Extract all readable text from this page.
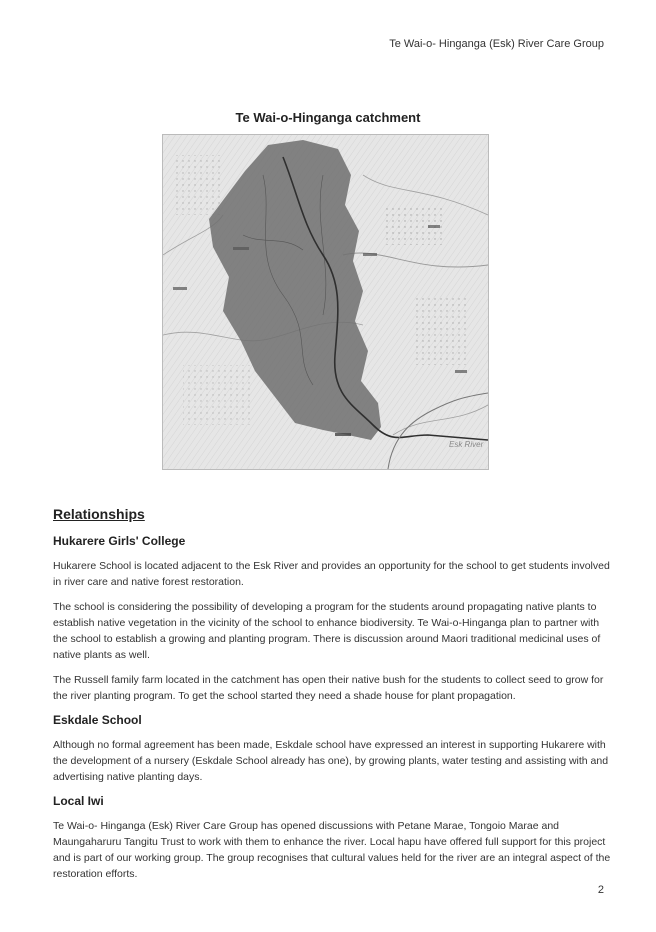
Te Wai-o- Hinganga (Esk) River Care Group
Te Wai-o-Hinganga catchment
Esk River
Relationships
Hukarere Girls' College

Hukarere School is located adjacent to the Esk River and provides an opportunity for the school to get students involved in river care and native forest restoration.

The school is considering the possibility of developing a program for the students around propagating native plants to establish native vegetation in the vicinity of the school to enhance biodiversity. Te Wai-o-Hinganga plan to partner with the school to establish a growing and planting program. There is discussion around Maori traditional medicinal uses of native plants as well.

The Russell family farm located in the catchment has open their native bush for the students to collect seed to grow for the river planting program. To get the school started they need a shade house for plant propagation.

Eskdale School

Although no formal agreement has been made, Eskdale school have expressed an interest in supporting Hukarere with the development of a nursery (Eskdale School already has one), by growing plants, water testing and assisting with and advertising native planting days.

Local Iwi

Te Wai-o- Hinganga (Esk) River Care Group has opened discussions with Petane Marae, Tongoio Marae and Maungaharuru Tangitu Trust to work with them to enhance the river. Local hapu have offered full support for this project and is part of our working group. The group recognises that cultural values held for the river are an integral aspect of the restoration efforts.

2
